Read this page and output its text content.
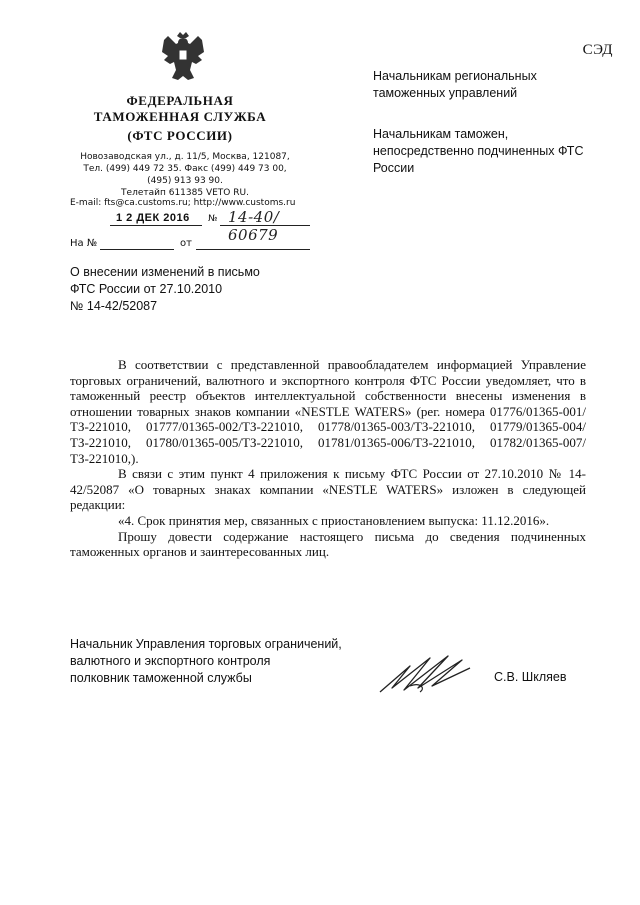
СЭД
ФЕДЕРАЛЬНАЯ
ТАМОЖЕННАЯ СЛУЖБА
(ФТС РОССИИ)
Новозаводская ул., д. 11/5, Москва, 121087,
Тел. (499) 449 72 35. Факс (499) 449 73 00,
(495) 913 93 90.
Телетайп 611385 VETO RU.
E-mail: fts@ca.customs.ru; http://www.customs.ru
1 2 ДЕК 2016 № 14-40/ 60679
На №	от
Начальникам региональных таможенных управлений
Начальникам таможен, непосредственно подчиненных ФТС России
О внесении изменений в письмо
ФТС России от 27.10.2010
№ 14-42/52087

В соответствии с представленной правообладателем информацией Управление торговых ограничений, валютного и экспортного контроля ФТС России уведомляет, что в таможенный реестр объектов интеллектуальной собственности внесены изменения в отношении товарных знаков компании «NESTLE WATERS» (рег. номера 01776/01365-001/ТЗ-221010, 01777/01365-002/ТЗ-221010, 01778/01365-003/ТЗ-221010, 01779/01365-004/ТЗ-221010, 01780/01365-005/ТЗ-221010, 01781/01365-006/ТЗ-221010, 01782/01365-007/ТЗ-221010,).

В связи с этим пункт 4 приложения к письму ФТС России от 27.10.2010 № 14-42/52087 «О товарных знаках компании «NESTLE WATERS» изложен в следующей редакции:

«4. Срок принятия мер, связанных с приостановлением выпуска: 11.12.2016».

Прошу довести содержание настоящего письма до сведения подчиненных таможенных органов и заинтересованных лиц.

Начальник Управления торговых ограничений,
валютного и экспортного контроля
полковник таможенной службы	С.В. Шкляев
